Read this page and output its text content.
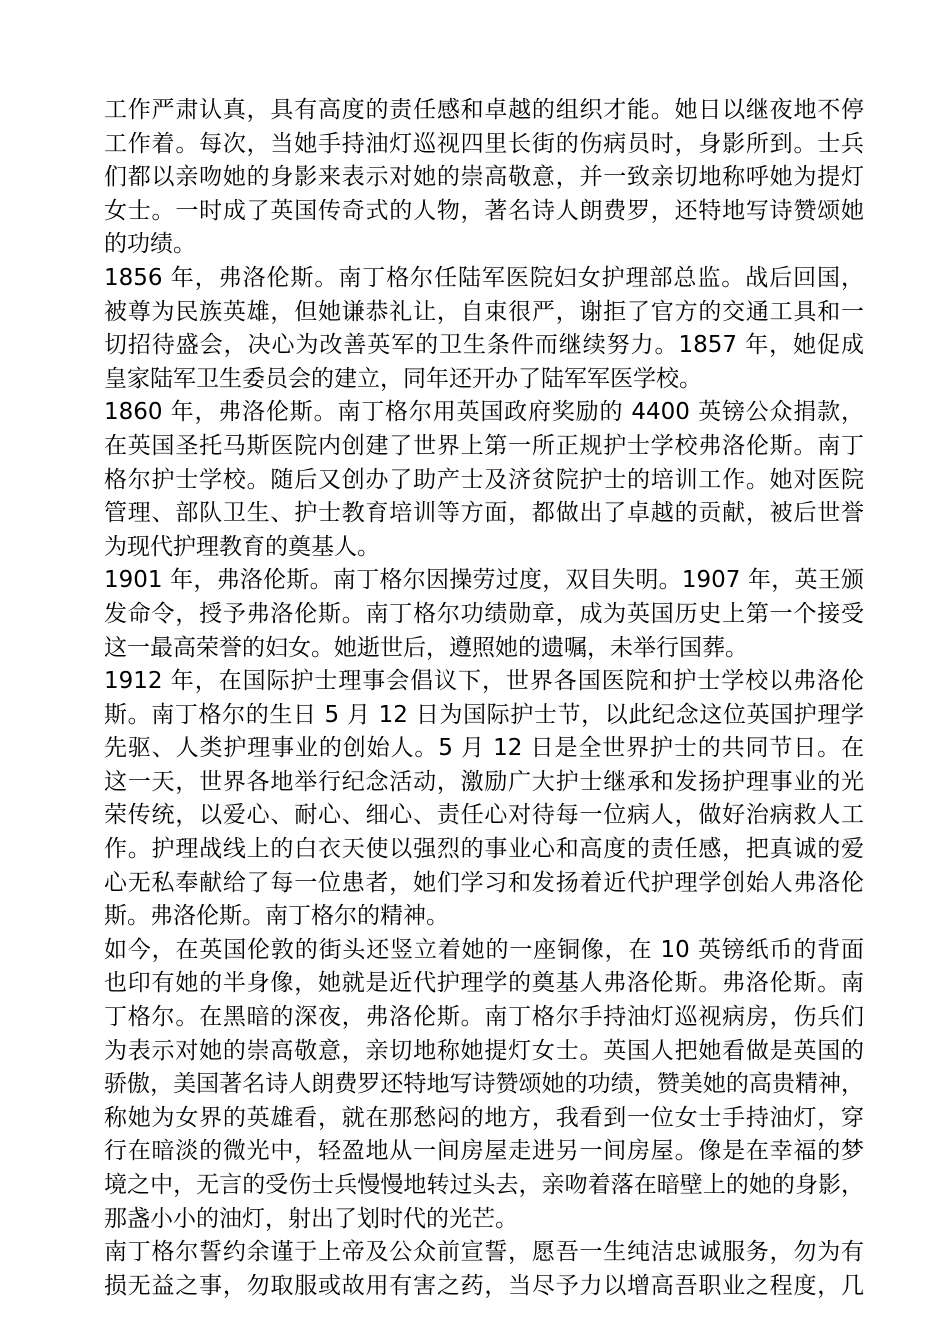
工作严肃认真，具有高度的责任感和卓越的组织才能。她日以继夜地不停
工作着。每次，当她手持油灯巡视四里长街的伤病员时，身影所到。士兵
们都以亲吻她的身影来表示对她的崇高敬意，并一致亲切地称呼她为提灯
女士。一时成了英国传奇式的人物，著名诗人朗费罗，还特地写诗赞颂她
的功绩。
1856 年，弗洛伦斯。南丁格尔任陆军医院妇女护理部总监。战后回国，
被尊为民族英雄，但她谦恭礼让，自束很严，谢拒了官方的交通工具和一
切招待盛会，决心为改善英军的卫生条件而继续努力。1857 年，她促成
皇家陆军卫生委员会的建立，同年还开办了陆军军医学校。
1860 年，弗洛伦斯。南丁格尔用英国政府奖励的 4400 英镑公众捐款，
在英国圣托马斯医院内创建了世界上第一所正规护士学校弗洛伦斯。南丁
格尔护士学校。随后又创办了助产士及济贫院护士的培训工作。她对医院
管理、部队卫生、护士教育培训等方面，都做出了卓越的贡献，被后世誉
为现代护理教育的奠基人。
1901 年，弗洛伦斯。南丁格尔因操劳过度，双目失明。1907 年，英王颁
发命令，授予弗洛伦斯。南丁格尔功绩勋章，成为英国历史上第一个接受
这一最高荣誉的妇女。她逝世后，遵照她的遗嘱，未举行国葬。
1912 年，在国际护士理事会倡议下，世界各国医院和护士学校以弗洛伦
斯。南丁格尔的生日 5 月 12 日为国际护士节，以此纪念这位英国护理学
先驱、人类护理事业的创始人。5 月 12 日是全世界护士的共同节日。在
这一天，世界各地举行纪念活动，激励广大护士继承和发扬护理事业的光
荣传统，以爱心、耐心、细心、责任心对待每一位病人，做好治病救人工
作。护理战线上的白衣天使以强烈的事业心和高度的责任感，把真诚的爱
心无私奉献给了每一位患者，她们学习和发扬着近代护理学创始人弗洛伦
斯。弗洛伦斯。南丁格尔的精神。
如今，在英国伦敦的街头还竖立着她的一座铜像，在 10 英镑纸币的背面
也印有她的半身像，她就是近代护理学的奠基人弗洛伦斯。弗洛伦斯。南
丁格尔。在黑暗的深夜，弗洛伦斯。南丁格尔手持油灯巡视病房，伤兵们
为表示对她的崇高敬意，亲切地称她提灯女士。英国人把她看做是英国的
骄傲，美国著名诗人朗费罗还特地写诗赞颂她的功绩，赞美她的高贵精神，
称她为女界的英雄看，就在那愁闷的地方，我看到一位女士手持油灯，穿
行在暗淡的微光中，轻盈地从一间房屋走进另一间房屋。像是在幸福的梦
境之中，无言的受伤士兵慢慢地转过头去，亲吻着落在暗壁上的她的身影，
那盏小小的油灯，射出了划时代的光芒。
南丁格尔誓约余谨于上帝及公众前宣誓，愿吾一生纯洁忠诚服务，勿为有
损无益之事，勿取服或故用有害之药，当尽予力以增高吾职业之程度，几
